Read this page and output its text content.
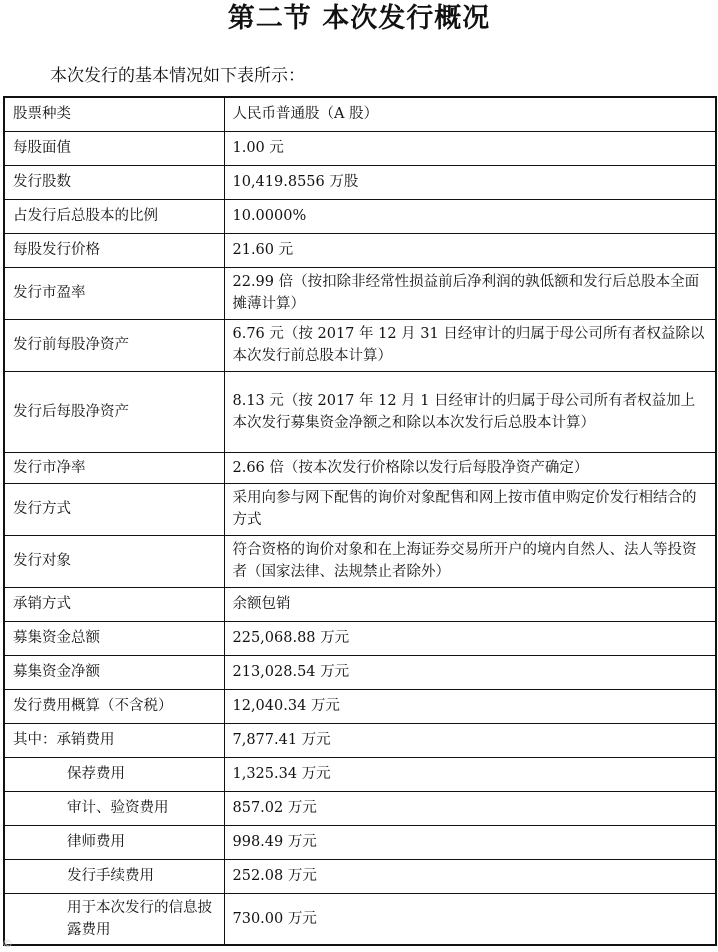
第二节 本次发行概况
本次发行的基本情况如下表所示：
股票种类	人民币普通股（A 股）
每股面值	1.00 元
发行股数	10,419.8556 万股
占发行后总股本的比例	10.0000%
每股发行价格	21.60 元
发行市盈率	22.99 倍（按扣除非经常性损益前后净利润的孰低额和发行后总股本全面摊薄计算）
发行前每股净资产	6.76 元（按 2017 年 12 月 31 日经审计的归属于母公司所有者权益除以本次发行前总股本计算）
发行后每股净资产	8.13 元（按 2017 年 12 月 1 日经审计的归属于母公司所有者权益加上本次发行募集资金净额之和除以本次发行后总股本计算）
发行市净率	2.66 倍（按本次发行价格除以发行后每股净资产确定）
发行方式	采用向参与网下配售的询价对象配售和网上按市值申购定价发行相结合的方式
发行对象	符合资格的询价对象和在上海证券交易所开户的境内自然人、法人等投资者（国家法律、法规禁止者除外）
承销方式	余额包销
募集资金总额	225,068.88 万元
募集资金净额	213,028.54 万元
发行费用概算（不含税）	12,040.34 万元
其中：承销费用	7,877.41 万元
保荐费用	1,325.34 万元
审计、验资费用	857.02 万元
律师费用	998.49 万元
发行手续费用	252.08 万元
用于本次发行的信息披露费用	730.00 万元
©
